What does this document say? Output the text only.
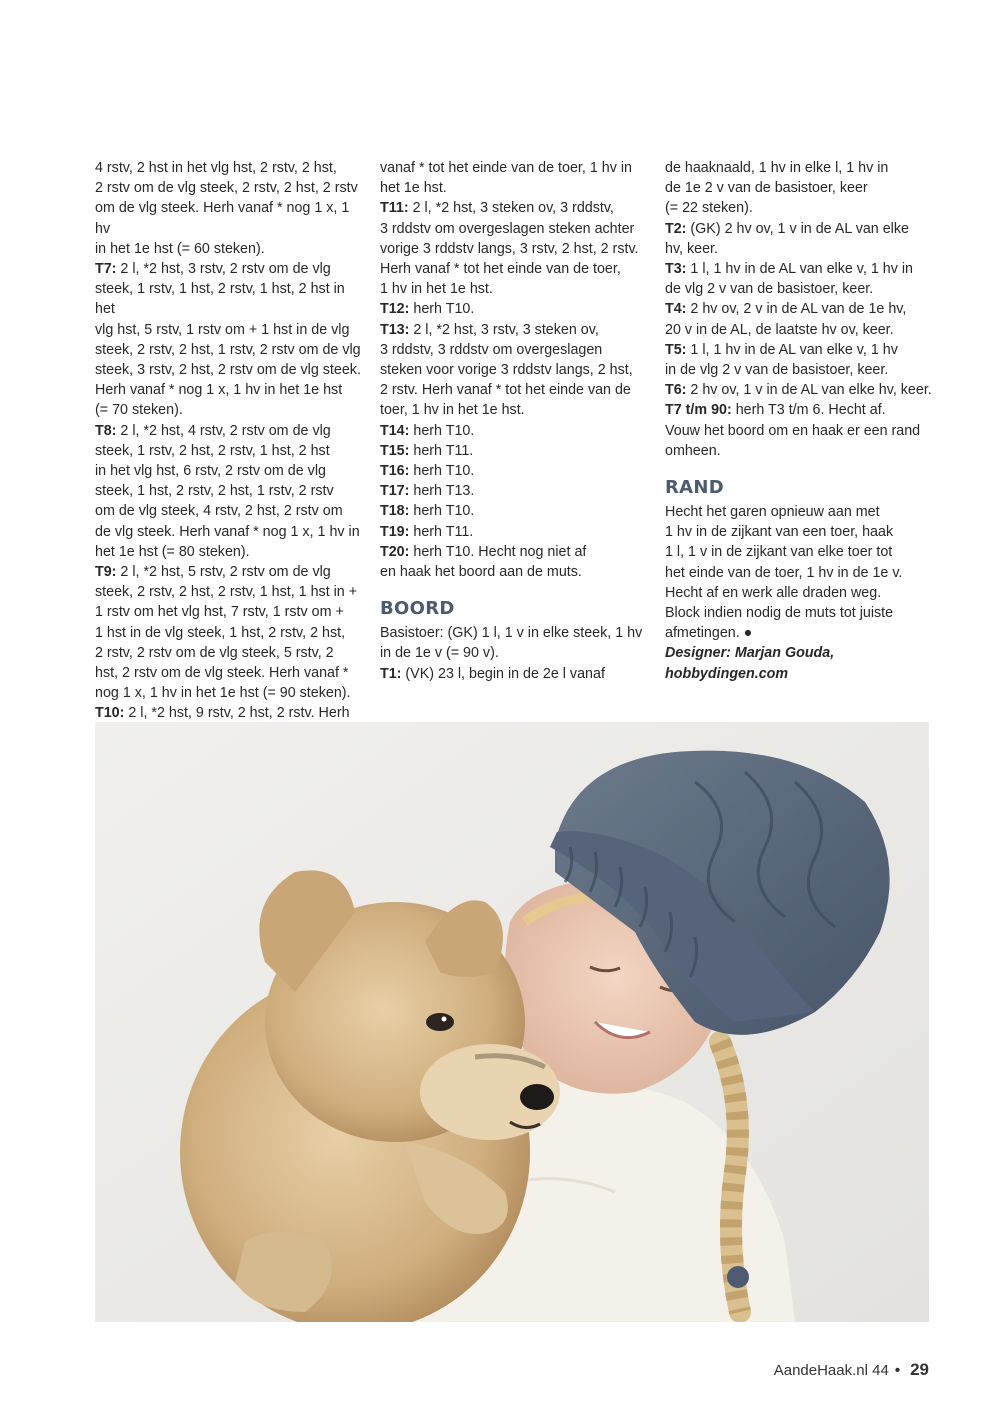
4 rstv, 2 hst in het vlg hst, 2 rstv, 2 hst,

2 rstv om de vlg steek, 2 rstv, 2 hst, 2 rstv

om de vlg steek. Herh vanaf * nog 1 x, 1 hv

in het 1e hst (= 60 steken).

T7: 2 l, *2 hst, 3 rstv, 2 rstv om de vlg

steek, 1 rstv, 1 hst, 2 rstv, 1 hst, 2 hst in het

vlg hst, 5 rstv, 1 rstv om + 1 hst in de vlg

steek, 2 rstv, 2 hst, 1 rstv, 2 rstv om de vlg

steek, 3 rstv, 2 hst, 2 rstv om de vlg steek.

Herh vanaf * nog 1 x, 1 hv in het 1e hst

(= 70 steken).

T8: 2 l, *2 hst, 4 rstv, 2 rstv om de vlg

steek, 1 rstv, 2 hst, 2 rstv, 1 hst, 2 hst

in het vlg hst, 6 rstv, 2 rstv om de vlg

steek, 1 hst, 2 rstv, 2 hst, 1 rstv, 2 rstv

om de vlg steek, 4 rstv, 2 hst, 2 rstv om

de vlg steek. Herh vanaf * nog 1 x, 1 hv in

het 1e hst (= 80 steken).

T9: 2 l, *2 hst, 5 rstv, 2 rstv om de vlg

steek, 2 rstv, 2 hst, 2 rstv, 1 hst, 1 hst in +

1 rstv om het vlg hst, 7 rstv, 1 rstv om +

1 hst in de vlg steek, 1 hst, 2 rstv, 2 hst,

2 rstv, 2 rstv om de vlg steek, 5 rstv, 2

hst, 2 rstv om de vlg steek. Herh vanaf *

nog 1 x, 1 hv in het 1e hst (= 90 steken).

T10: 2 l, *2 hst, 9 rstv, 2 hst, 2 rstv. Herh

vanaf * tot het einde van de toer, 1 hv in

het 1e hst.

T11: 2 l, *2 hst, 3 steken ov, 3 rddstv,

3 rddstv om overgeslagen steken achter

vorige 3 rddstv langs, 3 rstv, 2 hst, 2 rstv.

Herh vanaf * tot het einde van de toer,

1 hv in het 1e hst.

T12: herh T10.

T13: 2 l, *2 hst, 3 rstv, 3 steken ov,

3 rddstv, 3 rddstv om overgeslagen

steken voor vorige 3 rddstv langs, 2 hst,

2 rstv. Herh vanaf * tot het einde van de

toer, 1 hv in het 1e hst.

T14: herh T10.

T15: herh T11.

T16: herh T10.

T17: herh T13.

T18: herh T10.

T19: herh T11.

T20: herh T10. Hecht nog niet af

en haak het boord aan de muts.

BOORD

Basistoer: (GK) 1 l, 1 v in elke steek, 1 hv

in de 1e v (= 90 v).

T1: (VK) 23 l, begin in de 2e l vanaf

de haaknaald, 1 hv in elke l, 1 hv in

de 1e 2 v van de basistoer, keer

(= 22 steken).

T2: (GK) 2 hv ov, 1 v in de AL van elke

hv, keer.

T3: 1 l, 1 hv in de AL van elke v, 1 hv in

de vlg 2 v van de basistoer, keer.

T4: 2 hv ov, 2 v in de AL van de 1e hv,

20 v in de AL, de laatste hv ov, keer.

T5: 1 l, 1 hv in de AL van elke v, 1 hv

in de vlg 2 v van de basistoer, keer.

T6: 2 hv ov, 1 v in de AL van elke hv, keer.

T7 t/m 90: herh T3 t/m 6. Hecht af.

Vouw het boord om en haak er een rand

omheen.

RAND

Hecht het garen opnieuw aan met

1 hv in de zijkant van een toer, haak

1 l, 1 v in de zijkant van elke toer tot

het einde van de toer, 1 hv in de 1e v.

Hecht af en werk alle draden weg.

Block indien nodig de muts tot juiste

afmetingen. ●

Designer: Marjan Gouda,

hobbydingen.com

AandeHaak.nl 44 • 29
